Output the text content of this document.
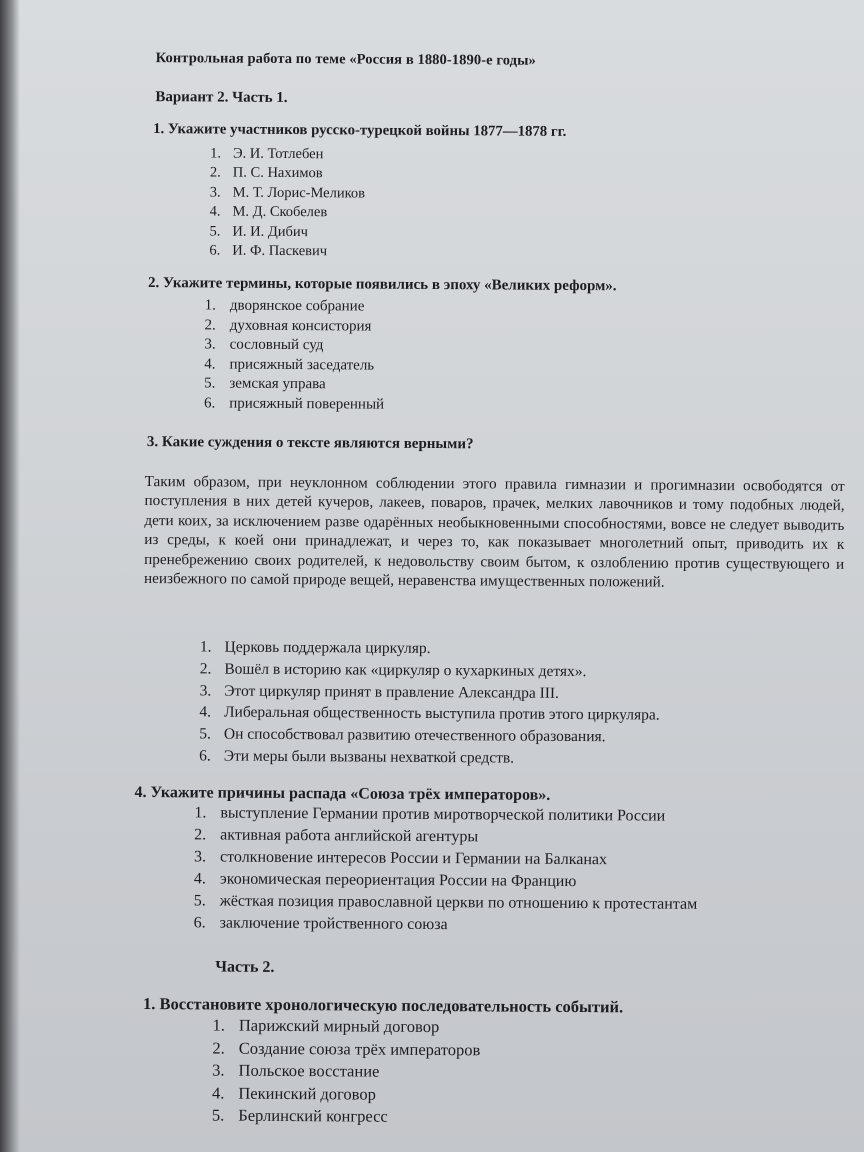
Контрольная работа по теме «Россия в 1880-1890-е годы»
Вариант 2. Часть 1.
1. Укажите участников русско-турецкой войны 1877—1878 гг.
1. Э. И. Тотлебен
2. П. С. Нахимов
3. М. Т. Лорис-Меликов
4. М. Д. Скобелев
5. И. И. Дибич
6. И. Ф. Паскевич
2. Укажите термины, которые появились в эпоху «Великих реформ».
1. дворянское собрание
2. духовная консистория
3. сословный суд
4. присяжный заседатель
5. земская управа
6. присяжный поверенный
3. Какие суждения о тексте являются верными?
Таким образом, при неуклонном соблюдении этого правила гимназии и прогимназии освободятся от поступления в них детей кучеров, лакеев, поваров, прачек, мелких лавочников и тому подобных людей, дети коих, за исключением разве одарённых необыкновенными способностями, вовсе не следует выводить из среды, к коей они принадлежат, и через то, как показывает многолетний опыт, приводить их к пренебрежению своих родителей, к недовольству своим бытом, к озлоблению против существующего и неизбежного по самой природе вещей, неравенства имущественных положений.
1. Церковь поддержала циркуляр.
2. Вошёл в историю как «циркуляр о кухаркиных детях».
3. Этот циркуляр принят в правление Александра III.
4. Либеральная общественность выступила против этого циркуляра.
5. Он способствовал развитию отечественного образования.
6. Эти меры были вызваны нехваткой средств.
4. Укажите причины распада «Союза трёх императоров».
1. выступление Германии против миротворческой политики России
2. активная работа английской агентуры
3. столкновение интересов России и Германии на Балканах
4. экономическая переориентация России на Францию
5. жёсткая позиция православной церкви по отношению к протестантам
6. заключение тройственного союза
Часть 2.
1. Восстановите хронологическую последовательность событий.
1. Парижский мирный договор
2. Создание союза трёх императоров
3. Польское восстание
4. Пекинский договор
5. Берлинский конгресс
